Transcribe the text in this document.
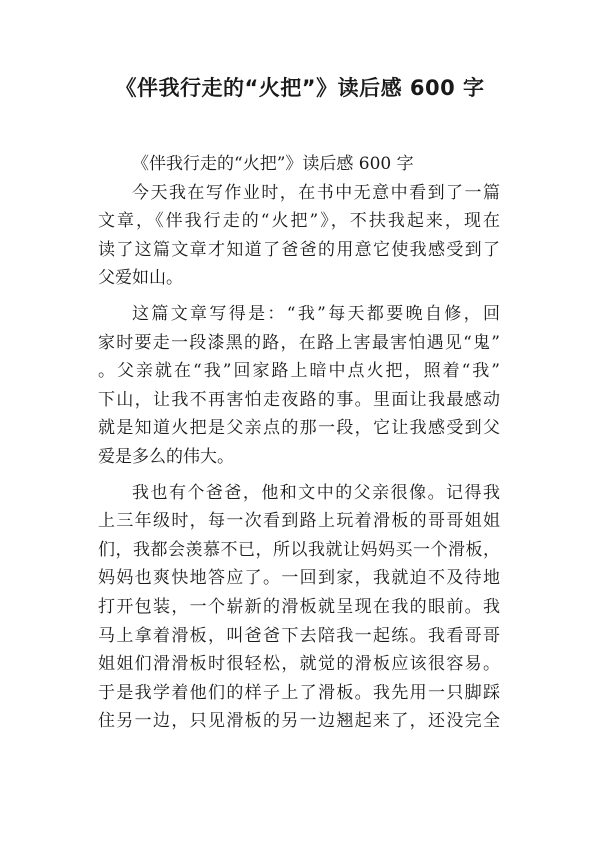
《伴我行走的“火把”》读后感 600 字
《伴我行走的“火把”》读后感 600 字
今天我在写作业时，在书中无意中看到了一篇
文章，《伴我行走的“火把”》，不扶我起来，现在
读了这篇文章才知道了爸爸的用意它使我感受到了
父爱如山。
这篇文章写得是：“我”每天都要晚自修，回
家时要走一段漆黑的路，在路上害最害怕遇见“鬼”
。父亲就在“我”回家路上暗中点火把，照着“我”
下山，让我不再害怕走夜路的事。里面让我最感动
就是知道火把是父亲点的那一段，它让我感受到父
爱是多么的伟大。
我也有个爸爸，他和文中的父亲很像。记得我
上三年级时，每一次看到路上玩着滑板的哥哥姐姐
们，我都会羡慕不已，所以我就让妈妈买一个滑板，
妈妈也爽快地答应了。一回到家，我就迫不及待地
打开包装，一个崭新的滑板就呈现在我的眼前。我
马上拿着滑板，叫爸爸下去陪我一起练。我看哥哥
姐姐们滑滑板时很轻松，就觉的滑板应该很容易。
于是我学着他们的样子上了滑板。我先用一只脚踩
住另一边，只见滑板的另一边翘起来了，还没完全
